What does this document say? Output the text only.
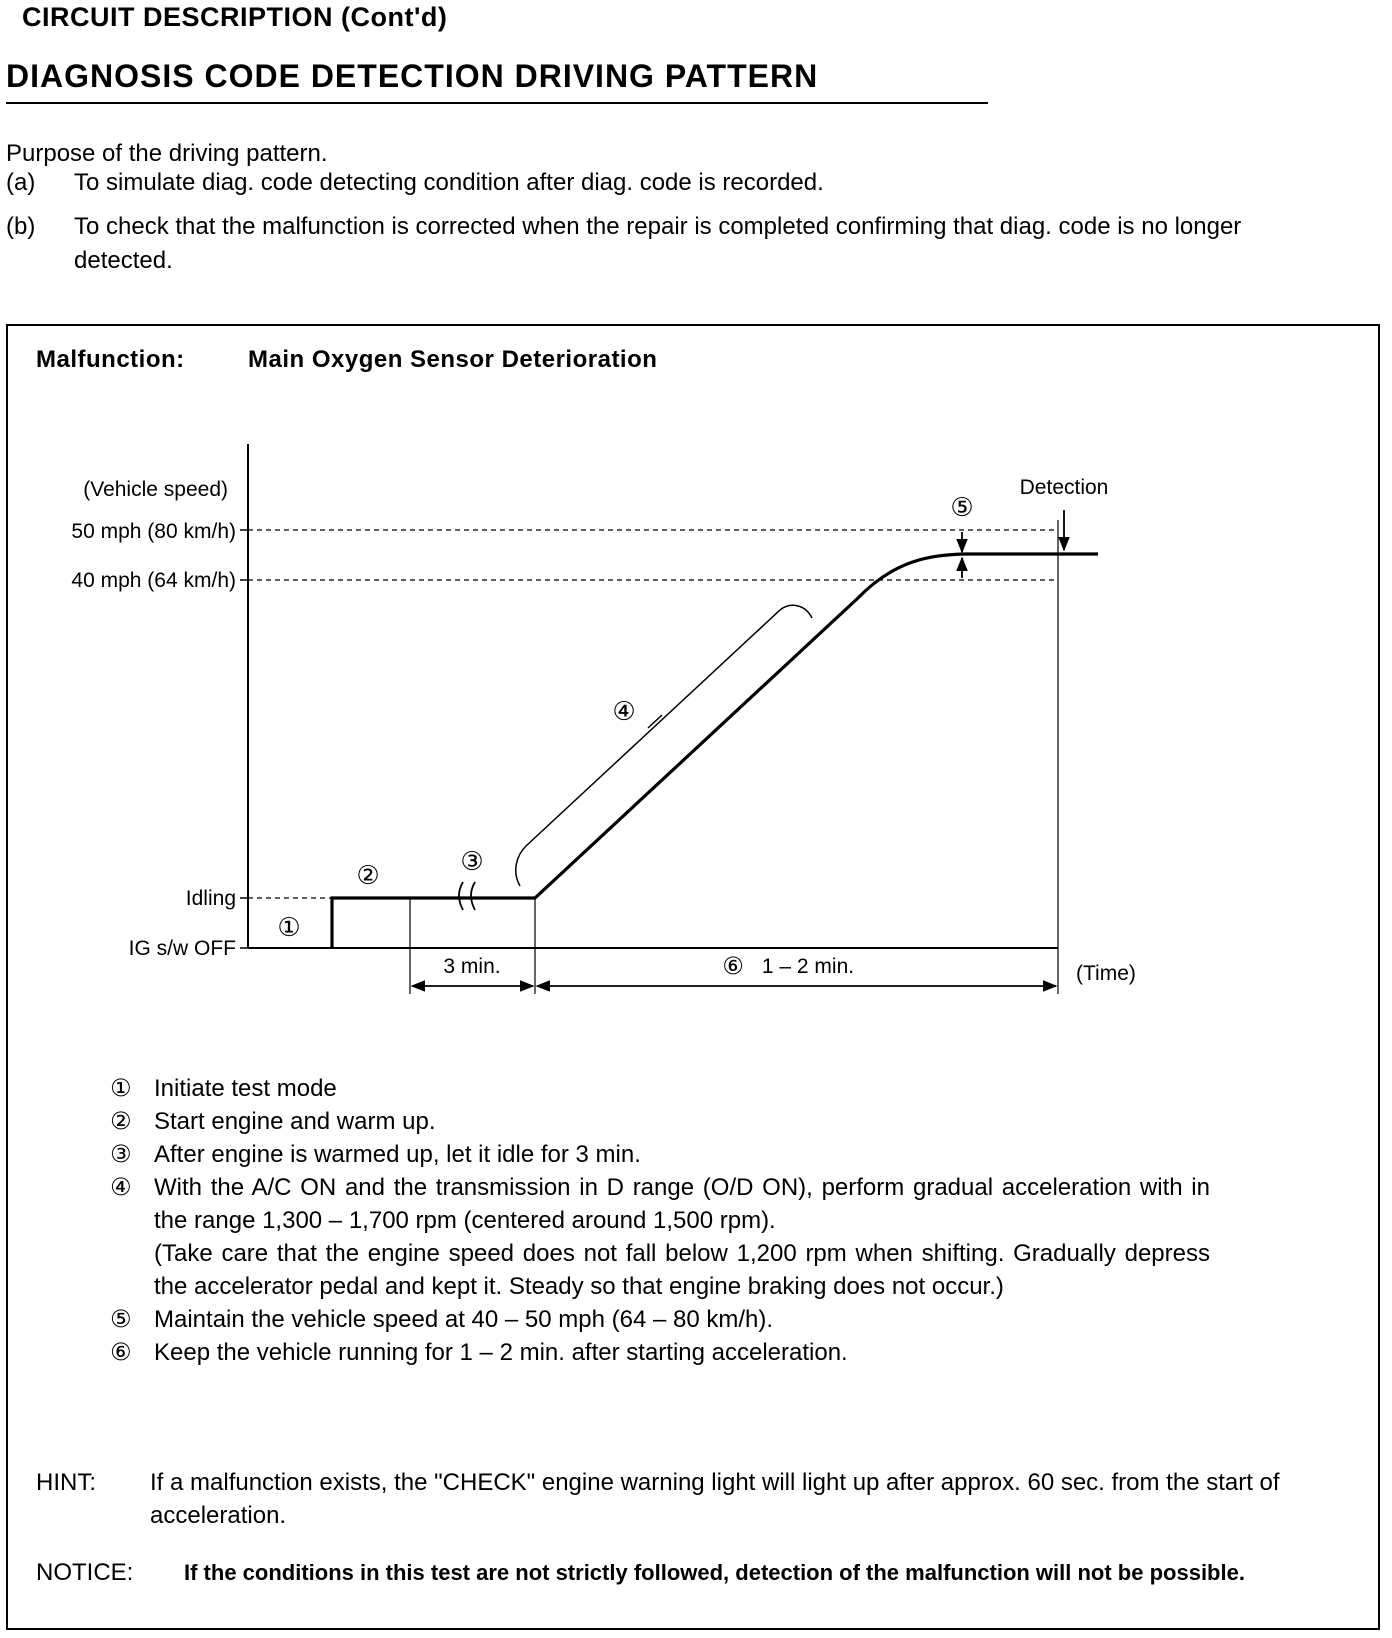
CIRCUIT DESCRIPTION (Cont'd)
DIAGNOSIS CODE DETECTION DRIVING PATTERN
Purpose of the driving pattern.
(a) To simulate diag. code detecting condition after diag. code is recorded.
(b) To check that the malfunction is corrected when the repair is completed confirming that diag. code is no longer detected.
Malfunction:	Main Oxygen Sensor Deterioration
(Vehicle speed)
50 mph (80 km/h)
40 mph (64 km/h)
Idling
IG s/w OFF
Detection
①
②	③
④
⑤
3 min.	⑥ 1 – 2 min.	(Time)
① Initiate test mode
② Start engine and warm up.
③ After engine is warmed up, let it idle for 3 min.
④ With the A/C ON and the transmission in D range (O/D ON), perform gradual acceleration with in the range 1,300 – 1,700 rpm (centered around 1,500 rpm).
(Take care that the engine speed does not fall below 1,200 rpm when shifting. Gradually depress the accelerator pedal and kept it. Steady so that engine braking does not occur.)
⑤ Maintain the vehicle speed at 40 – 50 mph (64 – 80 km/h).
⑥ Keep the vehicle running for 1 – 2 min. after starting acceleration.
HINT: If a malfunction exists, the "CHECK" engine warning light will light up after approx. 60 sec. from the start of acceleration.
NOTICE: If the conditions in this test are not strictly followed, detection of the malfunction will not be possible.
